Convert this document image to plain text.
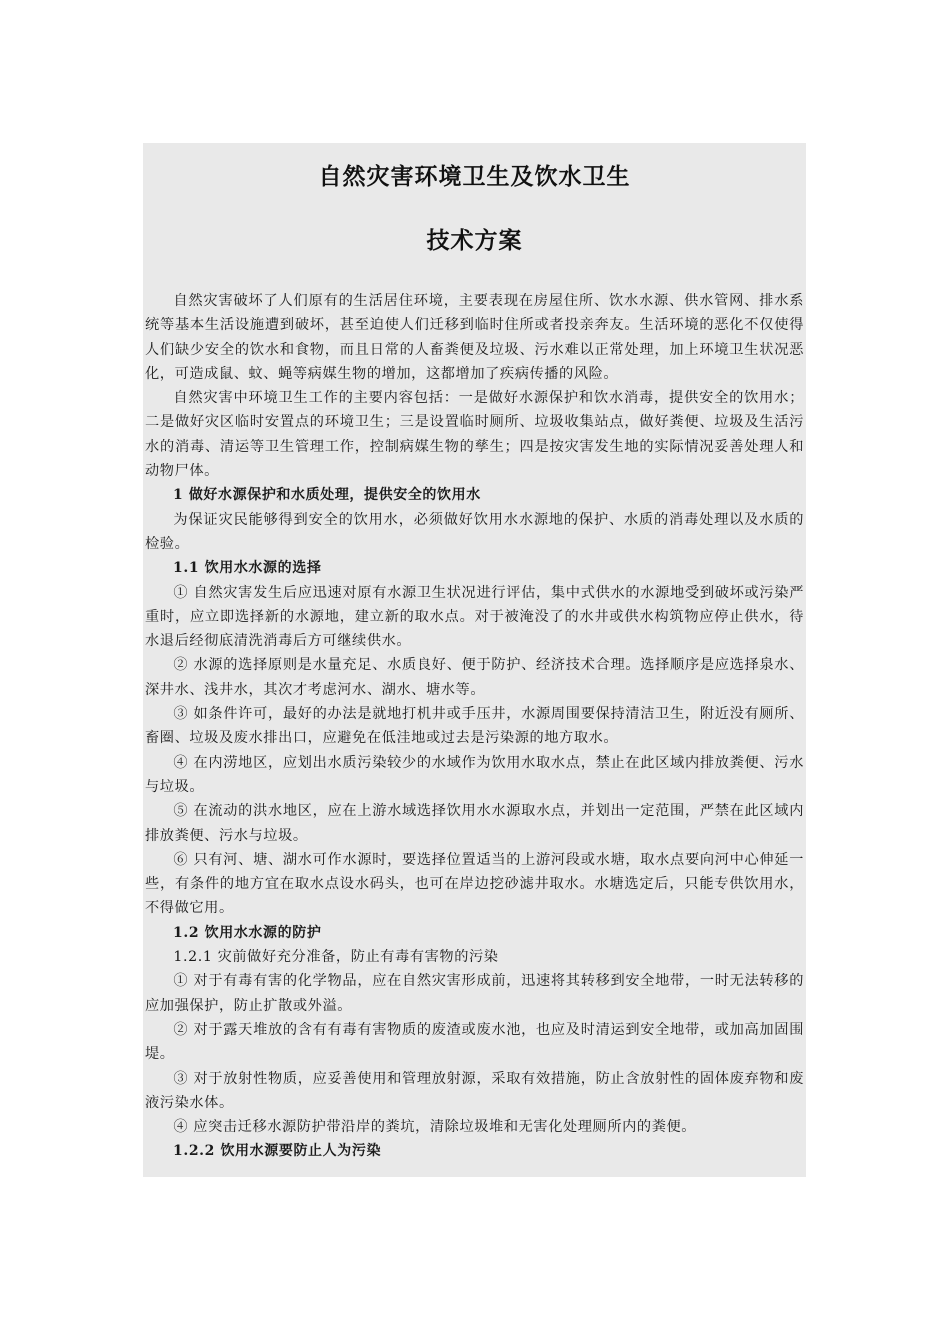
自然灾害环境卫生及饮水卫生
技术方案

自然灾害破坏了人们原有的生活居住环境，主要表现在房屋住所、饮水水源、供水管网、排水系统等基本生活设施遭到破坏，甚至迫使人们迁移到临时住所或者投亲奔友。生活环境的恶化不仅使得人们缺少安全的饮水和食物，而且日常的人畜粪便及垃圾、污水难以正常处理，加上环境卫生状况恶化，可造成鼠、蚊、蝇等病媒生物的增加，这都增加了疾病传播的风险。

自然灾害中环境卫生工作的主要内容包括：一是做好水源保护和饮水消毒，提供安全的饮用水；二是做好灾区临时安置点的环境卫生；三是设置临时厕所、垃圾收集站点，做好粪便、垃圾及生活污水的消毒、清运等卫生管理工作，控制病媒生物的孳生；四是按灾害发生地的实际情况妥善处理人和动物尸体。

1 做好水源保护和水质处理，提供安全的饮用水

为保证灾民能够得到安全的饮用水，必须做好饮用水水源地的保护、水质的消毒处理以及水质的检验。

1.1 饮用水水源的选择

① 自然灾害发生后应迅速对原有水源卫生状况进行评估，集中式供水的水源地受到破坏或污染严重时，应立即选择新的水源地，建立新的取水点。对于被淹没了的水井或供水构筑物应停止供水，待水退后经彻底清洗消毒后方可继续供水。

② 水源的选择原则是水量充足、水质良好、便于防护、经济技术合理。选择顺序是应选择泉水、深井水、浅井水，其次才考虑河水、湖水、塘水等。

③ 如条件许可，最好的办法是就地打机井或手压井，水源周围要保持清洁卫生，附近没有厕所、畜圈、垃圾及废水排出口，应避免在低洼地或过去是污染源的地方取水。

④ 在内涝地区，应划出水质污染较少的水域作为饮用水取水点，禁止在此区域内排放粪便、污水与垃圾。

⑤ 在流动的洪水地区，应在上游水域选择饮用水水源取水点，并划出一定范围，严禁在此区域内排放粪便、污水与垃圾。

⑥ 只有河、塘、湖水可作水源时，要选择位置适当的上游河段或水塘，取水点要向河中心伸延一些，有条件的地方宜在取水点设水码头，也可在岸边挖砂滤井取水。水塘选定后，只能专供饮用水，不得做它用。

1.2 饮用水水源的防护

1.2.1 灾前做好充分准备，防止有毒有害物的污染

① 对于有毒有害的化学物品，应在自然灾害形成前，迅速将其转移到安全地带，一时无法转移的应加强保护，防止扩散或外溢。

② 对于露天堆放的含有有毒有害物质的废渣或废水池，也应及时清运到安全地带，或加高加固围堤。

③ 对于放射性物质，应妥善使用和管理放射源，采取有效措施，防止含放射性的固体废弃物和废液污染水体。

④ 应突击迁移水源防护带沿岸的粪坑，清除垃圾堆和无害化处理厕所内的粪便。

1.2.2 饮用水源要防止人为污染
